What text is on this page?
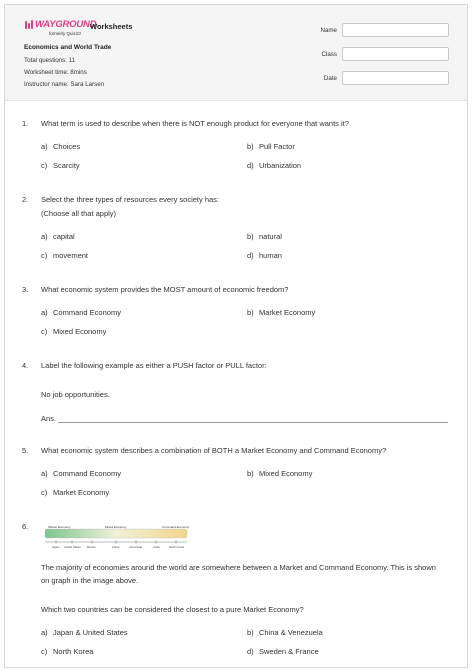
WAYGROUND
formerly Quizizz
Worksheets
Economics and World Trade
Total questions: 11
Worksheet time: 8mins
Instructor name: Sara Larsen
Name
Class
Date
1. What term is used to describe when there is NOT enough product for everyone that wants it?
a) Choices	b) Pull Factor
c) Scarcity	d) Urbanization
2. Select the three types of resources every society has:
(Choose all that apply)
a) capital	b) natural
c) movement	d) human
3. What economic system provides the MOST amount of economic freedom?
a) Command Economy	b) Market Economy
c) Mixed Economy
4. Label the following example as either a PUSH factor or PULL factor:
No job opportunities.
Ans.
5. What economic system describes a combination of BOTH a Market Economy and Command Economy?
a) Command Economy	b) Mixed Economy
c) Market Economy
6.	Market Economy	Mixed Economy	Command Economy
Japan United States Mexico	China	Venezuela	Cuba	North Korea
The majority of economies around the world are somewhere between a Market and Command Economy. This is shown on graph in the image above.
Which two countries can be considered the closest to a pure Market Economy?
a) Japan & United States	b) China & Venezuela
c) North Korea	d) Sweden & France
